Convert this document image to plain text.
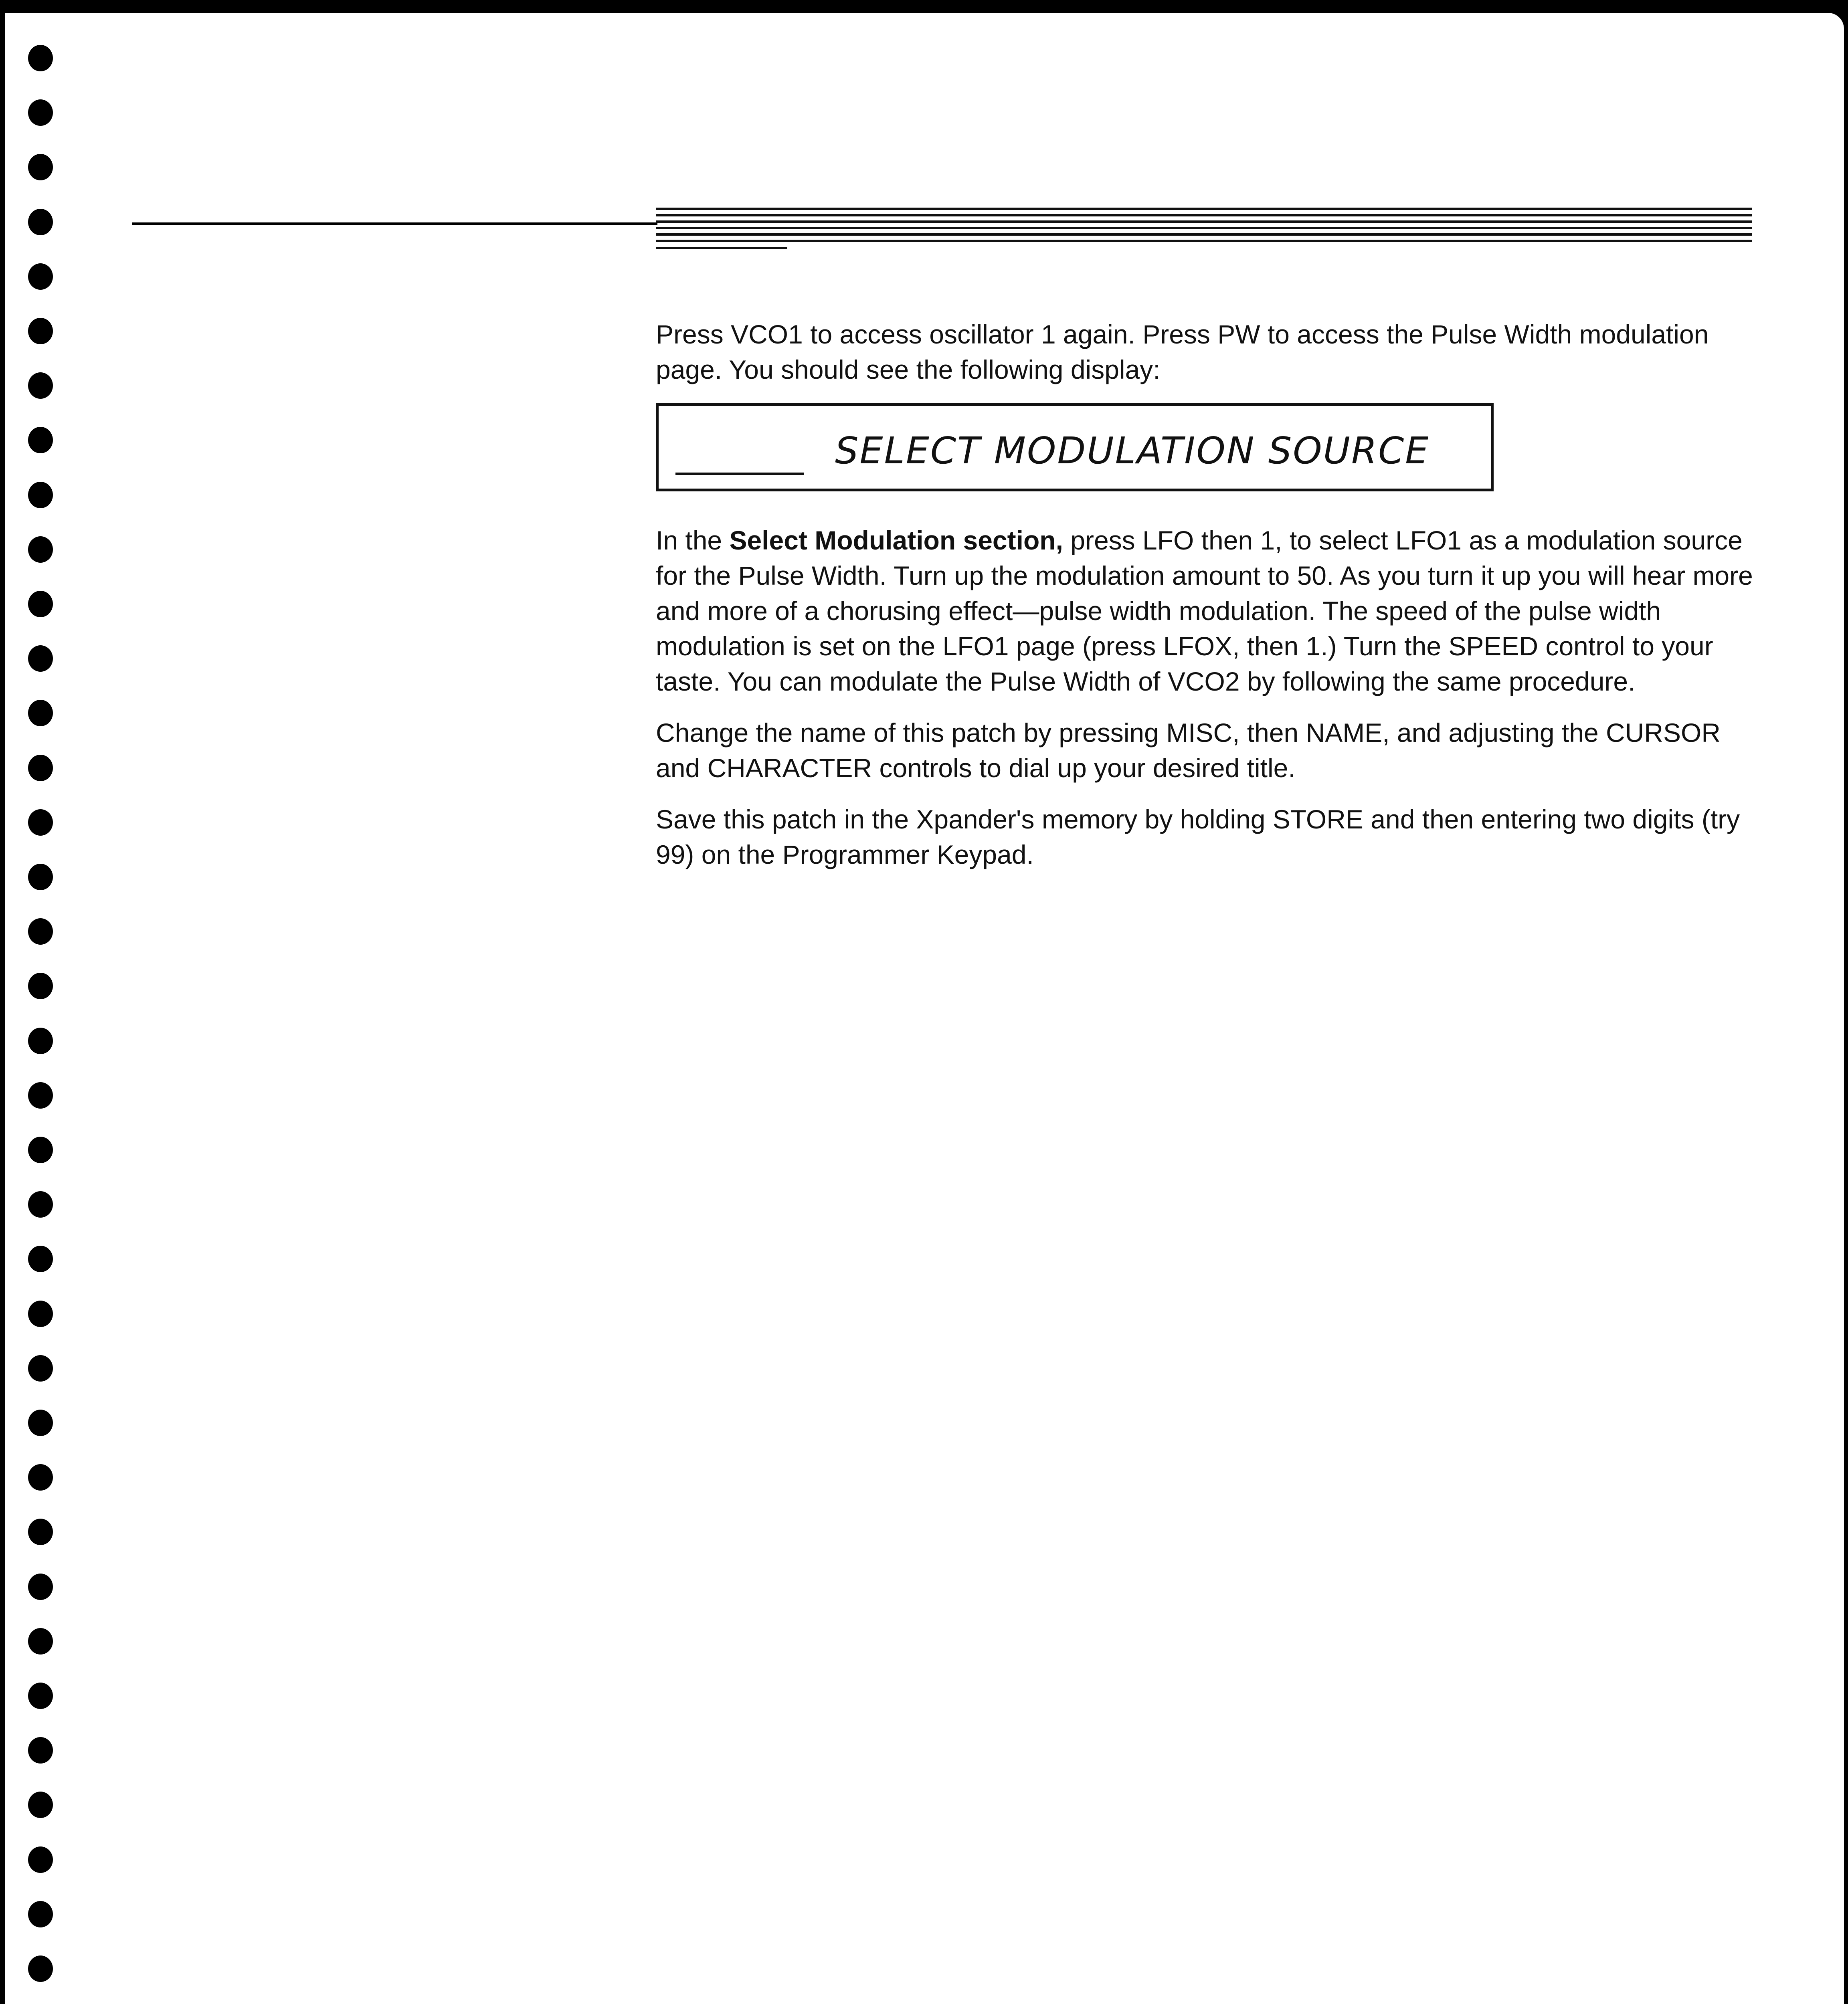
Press VCO1 to access oscillator 1 again. Press PW to access the Pulse Width modulation page. You should see the following display:

SELECT MODULATION SOURCE

In the Select Modulation section, press LFO then 1, to select LFO1 as a modulation source for the Pulse Width. Turn up the modulation amount to 50. As you turn it up you will hear more and more of a chorusing effect—pulse width modulation. The speed of the pulse width modulation is set on the LFO1 page (press LFOX, then 1.) Turn the SPEED control to your taste. You can modulate the Pulse Width of VCO2 by following the same procedure.

Change the name of this patch by pressing MISC, then NAME, and adjusting the CURSOR and CHARACTER controls to dial up your desired title.

Save this patch in the Xpander's memory by holding STORE and then entering two digits (try 99) on the Programmer Keypad.
